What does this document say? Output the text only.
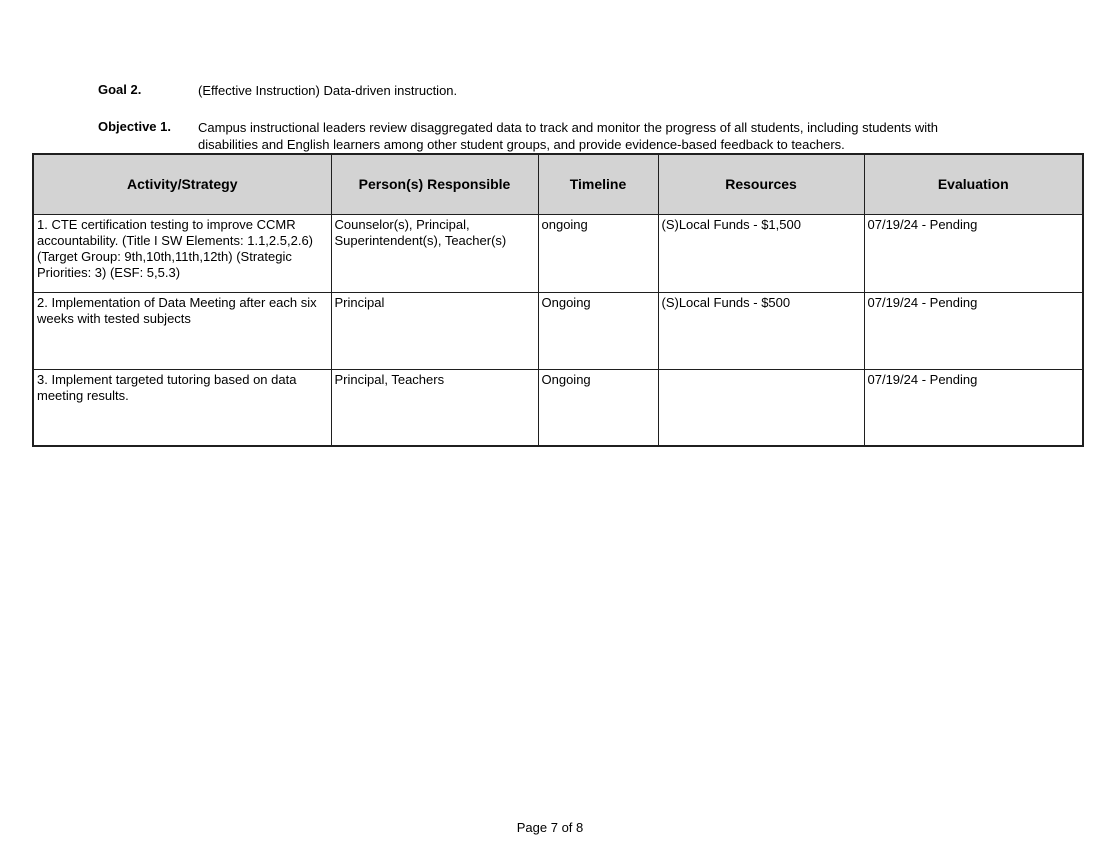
Goal 2.	(Effective Instruction) Data-driven instruction.
Objective 1. Campus instructional leaders review disaggregated data to track and monitor the progress of all students, including students with disabilities and English learners among other student groups, and provide evidence-based feedback to teachers.
Activity/Strategy	Person(s) Responsible	Timeline	Resources	Evaluation
1. CTE certification testing to improve CCMR accountability. (Title I SW Elements: 1.1,2.5,2.6) (Target Group: 9th,10th,11th,12th) (Strategic Priorities: 3) (ESF: 5,5.3)	Counselor(s), Principal, Superintendent(s), Teacher(s)	ongoing	(S)Local Funds - $1,500	07/19/24 - Pending
2. Implementation of Data Meeting after each six weeks with tested subjects	Principal	Ongoing	(S)Local Funds - $500	07/19/24 - Pending
3. Implement targeted tutoring based on data meeting results.	Principal, Teachers	Ongoing		07/19/24 - Pending
Page 7 of 8
